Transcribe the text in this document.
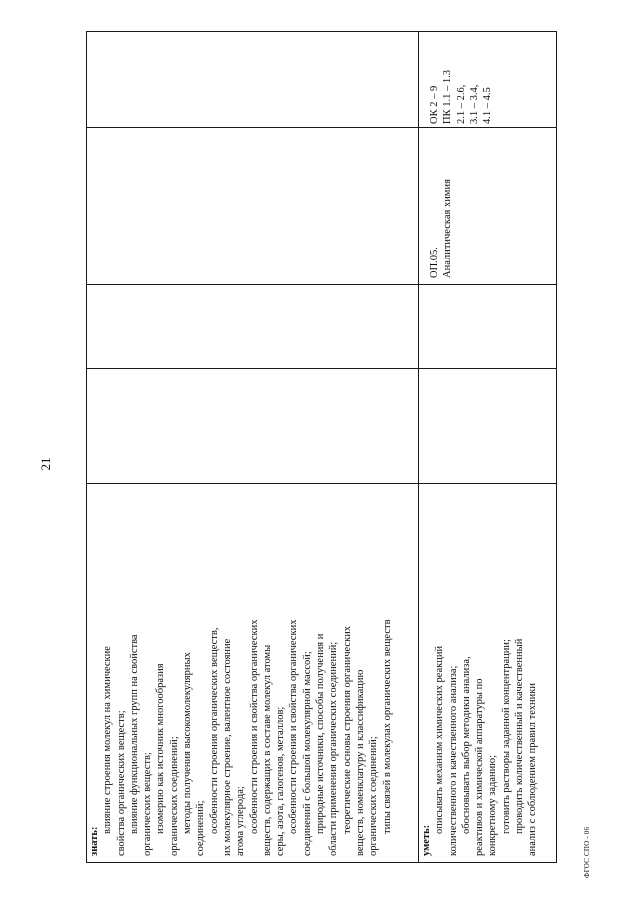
21
ФГОС СПО - 06
знать:
влияние строения молекул на химические свойства органических веществ; влияние функциональных групп на свойства органических веществ; изомерию как источник многообразия органических соединений; методы получения высокомолекулярных соединений; особенности строения органических веществ, их молекулярное строение, валентное состояние атома углерода; особенности строения и свойства органических веществ, содержащих в составе молекул атомы серы, азота, галогенов, металлов; особенности строения и свойства органических соединений с большой молекулярной массой; природные источники, способы получения и области применения органических соединений; теоретические основы строения органических веществ, номенклатуру и классификацию органических соединений; типы связей в молекулах органических веществ
уметь:
описывать механизм химических реакций количественного и качественного анализа; обосновывать выбор методики анализа, реактивов и химической аппаратуры по конкретному заданию; готовить растворы заданной концентрации; проводить количественный и качественный анализ с соблюдением правил техники
ОП.05. Аналитическая химия
ОК 2 – 9 ПК 1.1 – 1.3 2.1 – 2.6, 3.1 – 3.4, 4.1 – 4.5
